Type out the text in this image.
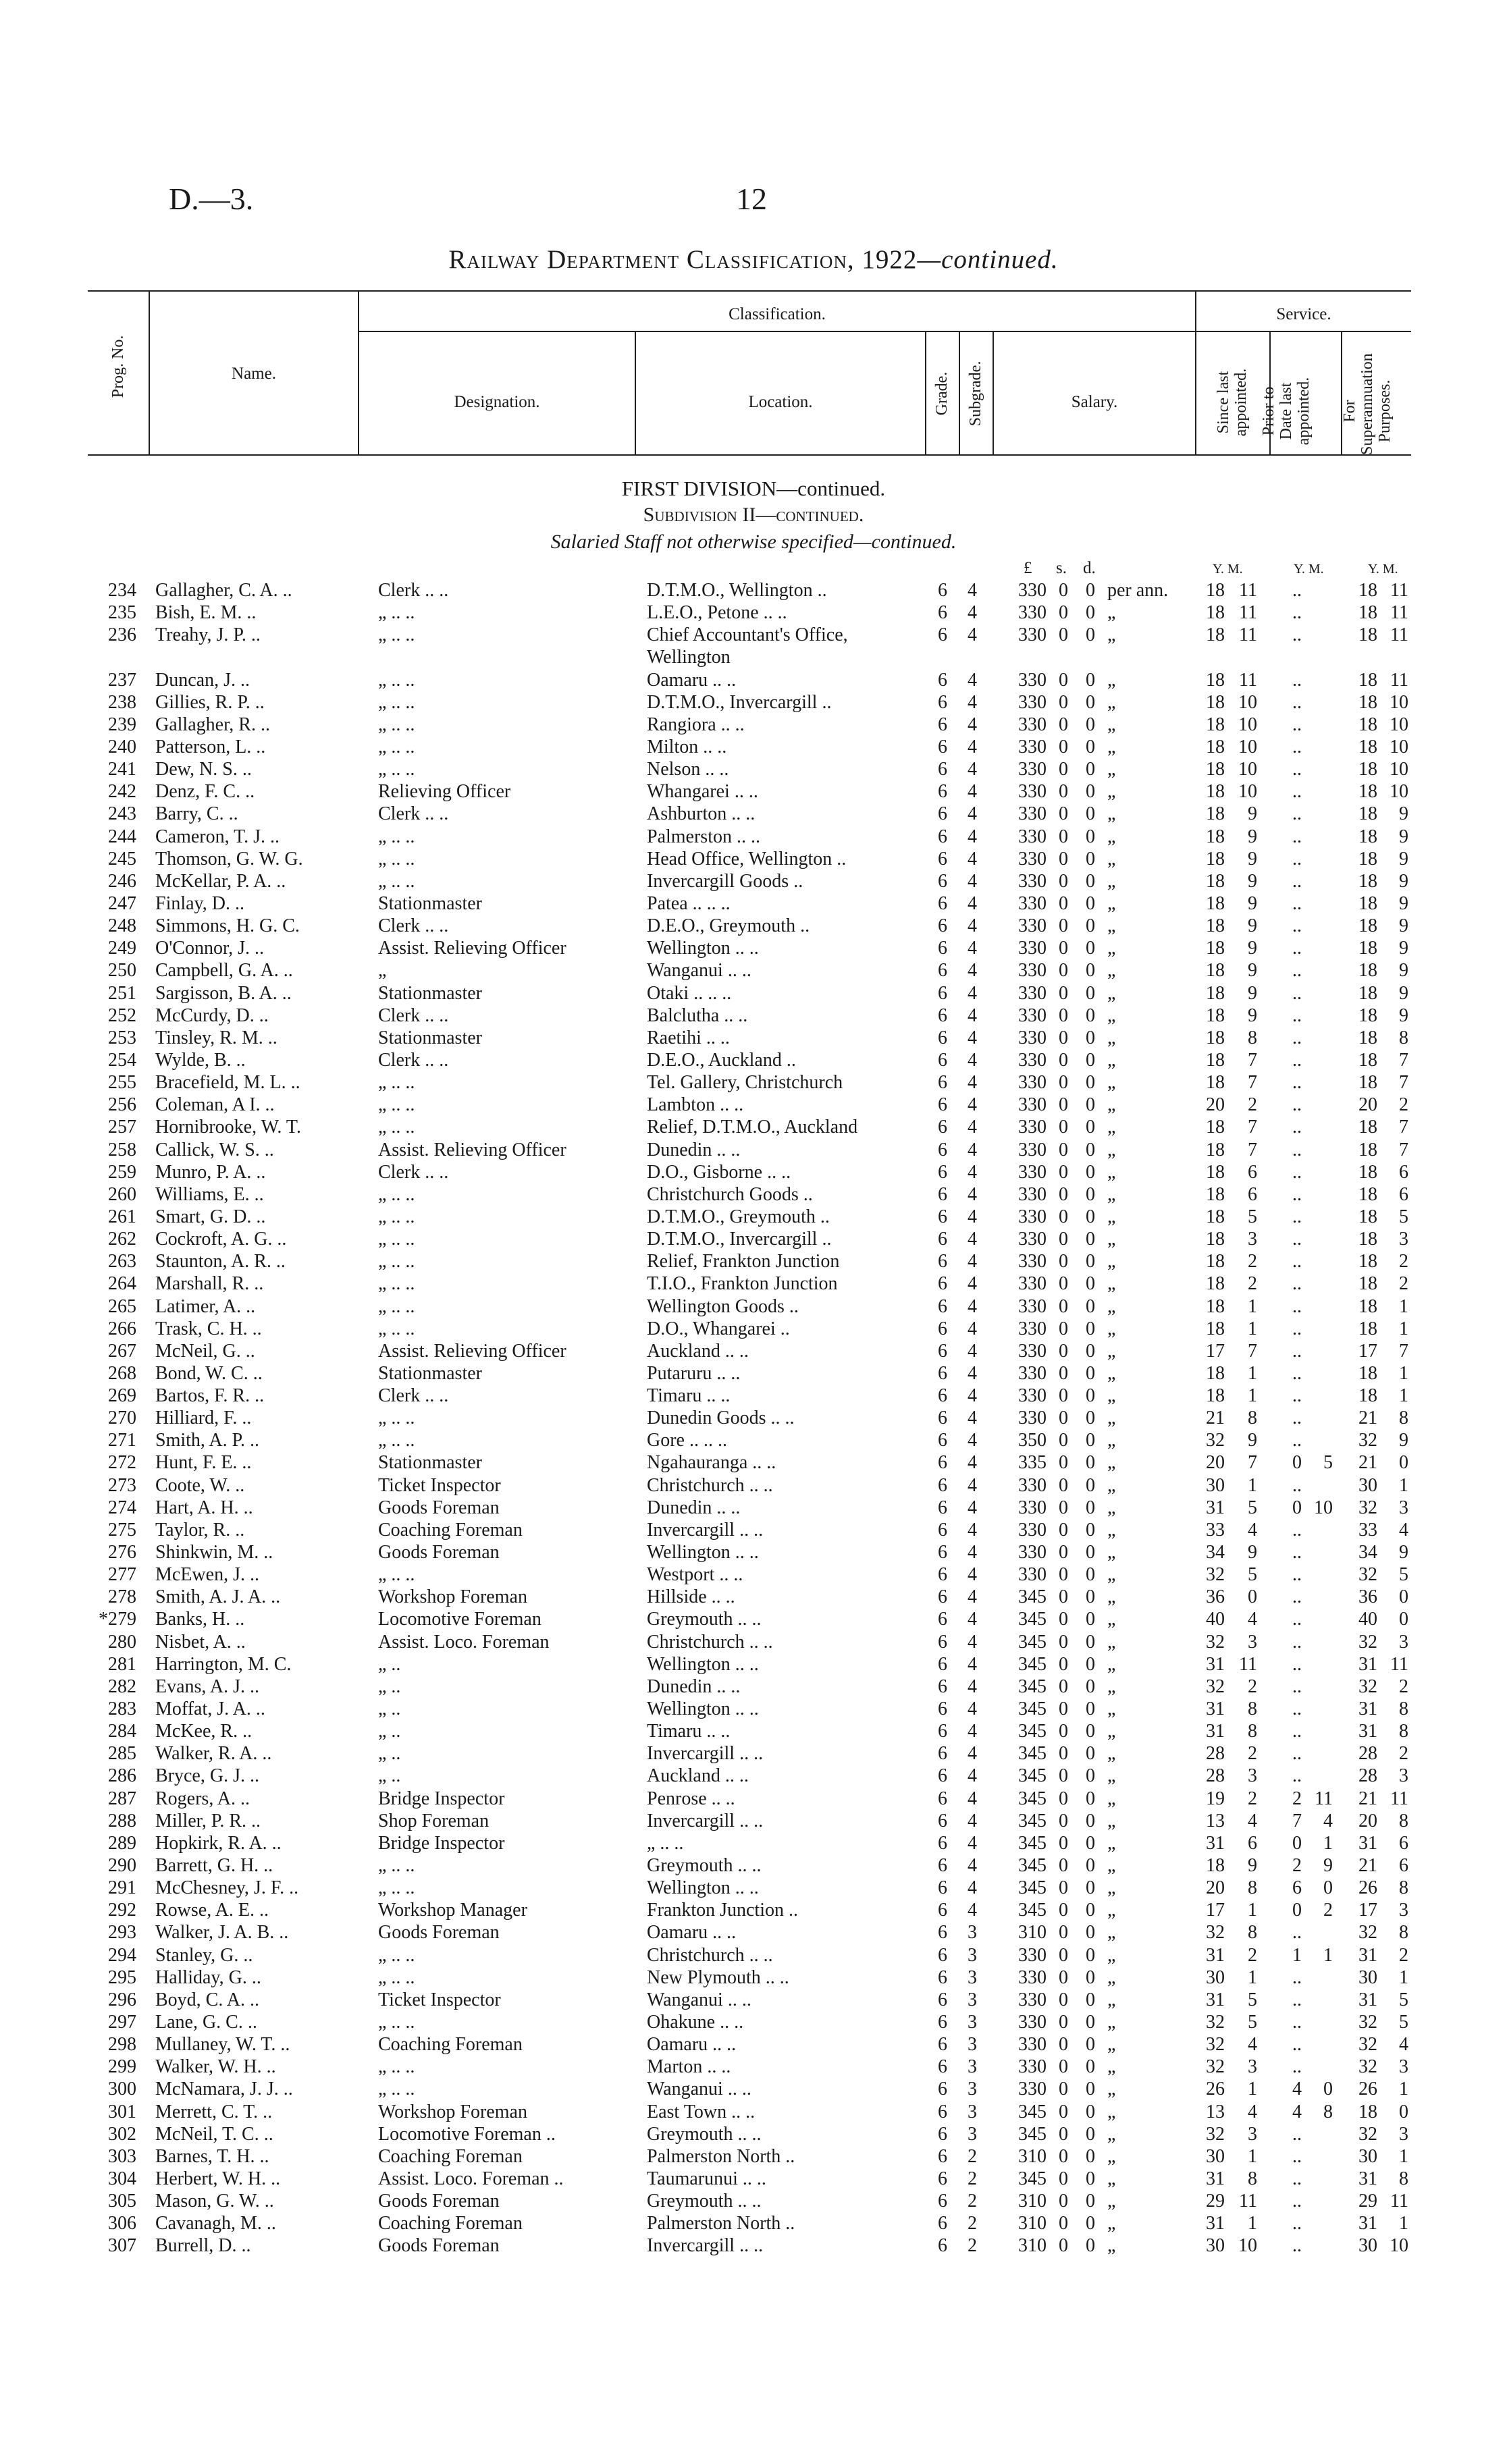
D.—3.	12
Railway Department Classification, 1922—continued.
Prog. No.	Name.
Classification.	Service.
Designation.	Location.	Grade. Subgrade.	Salary.	Since last appointed. Prior to Date last appointed. For Superannuation Purposes.
FIRST DIVISION—continued.
Subdivision II—continued.
Salaried Staff not otherwise specified—continued.
£ s. d.	Y. M.	Y. M.	Y. M.
234 Gallagher, C. A. ..	Clerk .. ..	D.T.M.O., Wellington ..	6 4	330 0 0 per ann.	18 11	..	18 11
235 Bish, E. M. ..	„ .. ..	L.E.O., Petone .. ..	6 4	330 0 0 „	18 11	..	18 11
236 Treahy, J. P. ..	„ .. ..	Chief Accountant's Office,	6 4	330 0 0 „	18 11	..	18 11
Wellington
237 Duncan, J. ..	„ .. ..	Oamaru .. ..	6 4	330 0 0 „	18 11	..	18 11
238 Gillies, R. P. ..	„ .. ..	D.T.M.O., Invercargill ..	6 4	330 0 0 „	18 10	..	18 10
239 Gallagher, R. ..	„ .. ..	Rangiora .. ..	6 4	330 0 0 „	18 10	..	18 10
240 Patterson, L. ..	„ .. ..	Milton .. ..	6 4	330 0 0 „	18 10	..	18 10
241 Dew, N. S. ..	„ .. ..	Nelson .. ..	6 4	330 0 0 „	18 10	..	18 10
242 Denz, F. C. ..	Relieving Officer	Whangarei .. ..	6 4	330 0 0 „	18 10	..	18 10
243 Barry, C. ..	Clerk .. ..	Ashburton .. ..	6 4	330 0 0 „	18	9	..	18	9
244 Cameron, T. J. ..	„ .. ..	Palmerston .. ..	6 4	330 0 0 „	18	9	..	18	9
245 Thomson, G. W. G.	„ .. ..	Head Office, Wellington ..	6 4	330 0 0 „	18	9	..	18	9
246 McKellar, P. A. ..	„ .. ..	Invercargill Goods ..	6 4	330 0 0 „	18	9	..	18	9
247 Finlay, D. ..	Stationmaster	Patea .. .. ..	6 4	330 0 0 „	18	9	..	18	9
248 Simmons, H. G. C.	Clerk .. ..	D.E.O., Greymouth ..	6 4	330 0 0 „	18	9	..	18	9
249 O'Connor, J. ..	Assist. Relieving Officer	Wellington .. ..	6 4	330 0 0 „	18	9	..	18	9
250 Campbell, G. A. ..	„	Wanganui .. ..	6 4	330 0 0 „	18	9	..	18	9
251 Sargisson, B. A. ..	Stationmaster	Otaki .. .. ..	6 4	330 0 0 „	18	9	..	18	9
252 McCurdy, D. ..	Clerk .. ..	Balclutha .. ..	6 4	330 0 0 „	18	9	..	18	9
253 Tinsley, R. M. ..	Stationmaster	Raetihi .. ..	6 4	330 0 0 „	18	8	..	18	8
254 Wylde, B. ..	Clerk .. ..	D.E.O., Auckland ..	6 4	330 0 0 „	18	7	..	18	7
255 Bracefield, M. L. ..	„ .. ..	Tel. Gallery, Christchurch	6 4	330 0 0 „	18	7	..	18	7
256 Coleman, A I. ..	„ .. ..	Lambton .. ..	6 4	330 0 0 „	20	2	..	20	2
257 Hornibrooke, W. T.	„ .. ..	Relief, D.T.M.O., Auckland	6 4	330 0 0 „	18	7	..	18	7
258 Callick, W. S. ..	Assist. Relieving Officer	Dunedin .. ..	6 4	330 0 0 „	18	7	..	18	7
259 Munro, P. A. ..	Clerk .. ..	D.O., Gisborne .. ..	6 4	330 0 0 „	18	6	..	18	6
260 Williams, E. ..	„ .. ..	Christchurch Goods ..	6 4	330 0 0 „	18	6	..	18	6
261 Smart, G. D. ..	„ .. ..	D.T.M.O., Greymouth ..	6 4	330 0 0 „	18	5	..	18	5
262 Cockroft, A. G. ..	„ .. ..	D.T.M.O., Invercargill ..	6 4	330 0 0 „	18	3	..	18	3
263 Staunton, A. R. ..	„ .. ..	Relief, Frankton Junction	6 4	330 0 0 „	18	2	..	18	2
264 Marshall, R. ..	„ .. ..	T.I.O., Frankton Junction	6 4	330 0 0 „	18	2	..	18	2
265 Latimer, A. ..	„ .. ..	Wellington Goods ..	6 4	330 0 0 „	18	1	..	18	1
266 Trask, C. H. ..	„ .. ..	D.O., Whangarei ..	6 4	330 0 0 „	18	1	..	18	1
267 McNeil, G. ..	Assist. Relieving Officer	Auckland .. ..	6 4	330 0 0 „	17	7	..	17	7
268 Bond, W. C. ..	Stationmaster	Putaruru .. ..	6 4	330 0 0 „	18	1	..	18	1
269 Bartos, F. R. ..	Clerk .. ..	Timaru .. ..	6 4	330 0 0 „	18	1	..	18	1
270 Hilliard, F. ..	„ .. ..	Dunedin Goods .. ..	6 4	330 0 0 „	21	8	..	21	8
271 Smith, A. P. ..	„ .. ..	Gore .. .. ..	6 4	350 0 0 „	32	9	..	32	9
272 Hunt, F. E. ..	Stationmaster	Ngahauranga .. ..	6 4	335 0 0 „	20	7	0	5	21	0
273 Coote, W. ..	Ticket Inspector	Christchurch .. ..	6 4	330 0 0 „	30	1	..	30	1
274 Hart, A. H. ..	Goods Foreman	Dunedin .. ..	6 4	330 0 0 „	31	5	0 10	32	3
275 Taylor, R. ..	Coaching Foreman	Invercargill .. ..	6 4	330 0 0 „	33	4	..	33	4
276 Shinkwin, M. ..	Goods Foreman	Wellington .. ..	6 4	330 0 0 „	34	9	..	34	9
277 McEwen, J. ..	„ .. ..	Westport .. ..	6 4	330 0 0 „	32	5	..	32	5
278 Smith, A. J. A. ..	Workshop Foreman	Hillside .. ..	6 4	345 0 0 „	36	0	..	36	0
*279 Banks, H. ..	Locomotive Foreman	Greymouth .. ..	6 4	345 0 0 „	40	4	..	40	0
280 Nisbet, A. ..	Assist. Loco. Foreman	Christchurch .. ..	6 4	345 0 0 „	32	3	..	32	3
281 Harrington, M. C.	„ ..	Wellington .. ..	6 4	345 0 0 „	31 11	..	31 11
282 Evans, A. J. ..	„ ..	Dunedin .. ..	6 4	345 0 0 „	32	2	..	32	2
283 Moffat, J. A. ..	„ ..	Wellington .. ..	6 4	345 0 0 „	31	8	..	31	8
284 McKee, R. ..	„ ..	Timaru .. ..	6 4	345 0 0 „	31	8	..	31	8
285 Walker, R. A. ..	„ ..	Invercargill .. ..	6 4	345 0 0 „	28	2	..	28	2
286 Bryce, G. J. ..	„ ..	Auckland .. ..	6 4	345 0 0 „	28	3	..	28	3
287 Rogers, A. ..	Bridge Inspector	Penrose .. ..	6 4	345 0 0 „	19	2	2 11	21 11
288 Miller, P. R. ..	Shop Foreman	Invercargill .. ..	6 4	345 0 0 „	13	4	7	4	20	8
289 Hopkirk, R. A. ..	Bridge Inspector	„ .. ..	6 4	345 0 0 „	31	6	0	1	31	6
290 Barrett, G. H. ..	„ .. ..	Greymouth .. ..	6 4	345 0 0 „	18	9	2	9	21	6
291 McChesney, J. F. ..	„ .. ..	Wellington .. ..	6 4	345 0 0 „	20	8	6	0	26	8
292 Rowse, A. E. ..	Workshop Manager	Frankton Junction ..	6 4	345 0 0 „	17	1	0	2	17	3
293 Walker, J. A. B. ..	Goods Foreman	Oamaru .. ..	6 3	310 0 0 „	32	8	..	32	8
294 Stanley, G. ..	„ .. ..	Christchurch .. ..	6 3	330 0 0 „	31	2	1	1	31	2
295 Halliday, G. ..	„ .. ..	New Plymouth .. ..	6 3	330 0 0 „	30	1	..	30	1
296 Boyd, C. A. ..	Ticket Inspector	Wanganui .. ..	6 3	330 0 0 „	31	5	..	31	5
297 Lane, G. C. ..	„ .. ..	Ohakune .. ..	6 3	330 0 0 „	32	5	..	32	5
298 Mullaney, W. T. ..	Coaching Foreman	Oamaru .. ..	6 3	330 0 0 „	32	4	..	32	4
299 Walker, W. H. ..	„ .. ..	Marton .. ..	6 3	330 0 0 „	32	3	..	32	3
300 McNamara, J. J. ..	„ .. ..	Wanganui .. ..	6 3	330 0 0 „	26	1	4	0	26	1
301 Merrett, C. T. ..	Workshop Foreman	East Town .. ..	6 3	345 0 0 „	13	4	4	8	18	0
302 McNeil, T. C. ..	Locomotive Foreman ..	Greymouth .. ..	6 3	345 0 0 „	32	3	..	32	3
303 Barnes, T. H. ..	Coaching Foreman	Palmerston North ..	6 2	310 0 0 „	30	1	..	30	1
304 Herbert, W. H. ..	Assist. Loco. Foreman ..	Taumarunui .. ..	6 2	345 0 0 „	31	8	..	31	8
305 Mason, G. W. ..	Goods Foreman	Greymouth .. ..	6 2	310 0 0 „	29 11	..	29 11
306 Cavanagh, M. ..	Coaching Foreman	Palmerston North ..	6 2	310 0 0 „	31	1	..	31	1
307 Burrell, D. ..	Goods Foreman	Invercargill .. ..	6 2	310 0 0 „	30 10	..	30 10
